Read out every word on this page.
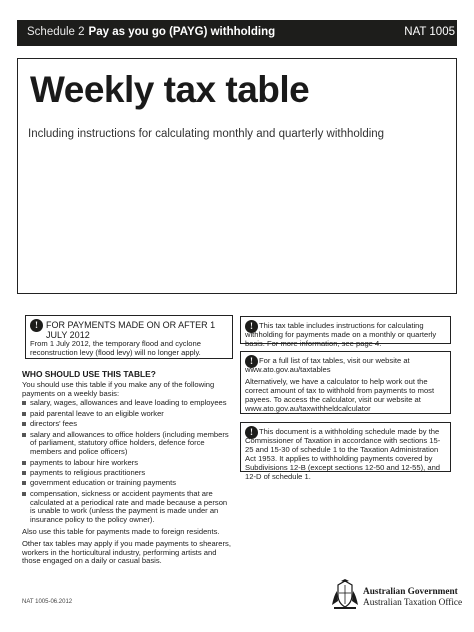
Schedule 2 Pay as you go (PAYG) withholding	NAT 1005
Weekly tax table
Including instructions for calculating monthly and quarterly withholding
! FOR PAYMENTS MADE ON OR AFTER 1 JULY 2012
From 1 July 2012, the temporary flood and cyclone reconstruction levy (flood levy) will no longer apply.
WHO SHOULD USE THIS TABLE?
You should use this table if you make any of the following payments on a weekly basis:
salary, wages, allowances and leave loading to employees
paid parental leave to an eligible worker
directors' fees
salary and allowances to office holders (including members of parliament, statutory office holders, defence force members and police officers)
payments to labour hire workers
payments to religious practitioners
government education or training payments
compensation, sickness or accident payments that are calculated at a periodical rate and made because a person is unable to work (unless the payment is made under an insurance policy to the policy owner).
Also use this table for payments made to foreign residents.
Other tax tables may apply if you made payments to shearers, workers in the horticultural industry, performing artists and those engaged on a daily or casual basis.
! This tax table includes instructions for calculating withholding for payments made on a monthly or quarterly basis. For more information, see page 4.
! For a full list of tax tables, visit our website at www.ato.gov.au/taxtables

Alternatively, we have a calculator to help work out the correct amount of tax to withhold from payments to most payees. To access the calculator, visit our website at www.ato.gov.au/taxwithheldcalculator

! This document is a withholding schedule made by the Commissioner of Taxation in accordance with sections 15-25 and 15-30 of schedule 1 to the Taxation Administration Act 1953. It applies to withholding payments covered by Subdivisions 12-B (except sections 12-50 and 12-55), and 12-D of schedule 1.
NAT 1005-06.2012
Australian Government
Australian Taxation Office
